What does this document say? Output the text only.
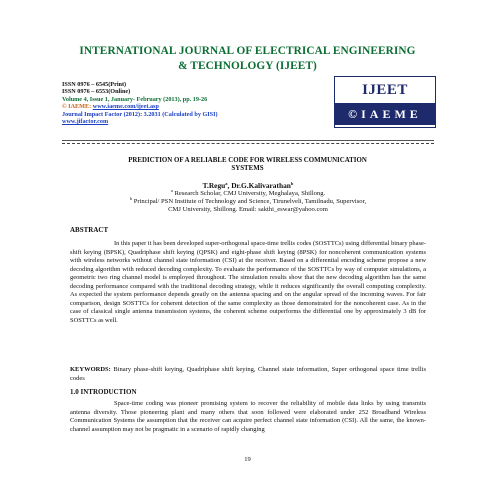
INTERNATIONAL JOURNAL OF ELECTRICAL ENGINEERING
& TECHNOLOGY (IJEET)
ISSN 0976 – 6545(Print)
ISSN 0976 – 6553(Online)
Volume 4, Issue 1, January- February (2013), pp. 19-26
© IAEME: www.iaeme.com/ijeet.asp
Journal Impact Factor (2012): 3.2031 (Calculated by GISI)
www.jifactor.com
IJEET
©IAEME
PREDICTION OF A RELIABLE CODE FOR WIRELESS COMMUNICATION
SYSTEMS
T.Regu$^a$, Dr.G.Kalivarathan$^b$
$^a$ Research Scholar, CMJ University, Meghalaya, Shillong.
$^b$ Principal/ PSN Institute of Technology and Science, Tirunelveli, Tamilnadu, Supervisor,
CMJ University, Shillong. Email: sakthi_eswar@yahoo.com
ABSTRACT

In this paper it has been developed super-orthogonal space-time trellis codes (SOSTTCs) using differential binary phase-shift keying (BPSK), Quadriphase shift keying (QPSK) and eight-phase shift keying (8PSK) for noncoherent communication systems with wireless networks without channel state information (CSI) at the receiver. Based on a differential encoding scheme propose a new decoding algorithm with reduced decoding complexity. To evaluate the performance of the SOSTTCs by way of computer simulations, a geometric two ring channel model is employed throughout. The simulation results show that the new decoding algorithm has the same decoding performance compared with the traditional decoding strategy, while it reduces significantly the overall computing complexity. As expected the system performance depends greatly on the antenna spacing and on the angular spread of the incoming waves. For fair comparison, design SOSTTCs for coherent detection of the same complexity as those demonstrated for the noncoherent case. As in the case of classical single antenna transmission systems, the coherent scheme outperforms the differential one by approximately 3 dB for SOSTTCs as well.

KEYWORDS: Binary phase-shift keying, Quadriphase shift keying, Channel state information, Super orthogonal space time trellis codes
1.0 INTRODUCTION

Space-time coding was pioneer promising system to recover the reliability of mobile data links by using transmits antenna diversity. Those pioneering plant and many others that soon followed were elaborated under 252 Broadband Wireless Communication Systems the assumption that the receiver can acquire perfect channel state information (CSI). All the same, the known-channel assumption may not be pragmatic in a scenario of rapidly changing

19
